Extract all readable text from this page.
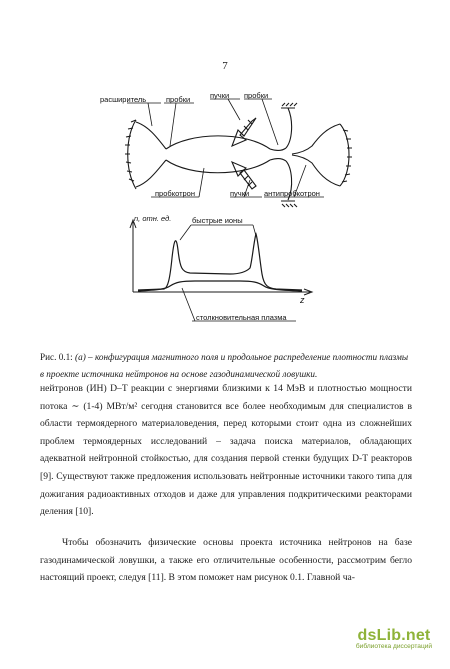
7
расширитель	пробки	пучки пробки
пробкотрон	пучки антипробкотрон
n, отн. ед.	быстрые ионы
z
столкновительная плазма
Рис. 0.1: (а) – конфигурация магнитного поля и продольное распределение плотности плазмы в проекте источника нейтронов на основе газодинамической ловушки.

нейтронов (ИН) D–T реакции с энергиями близкими к 14 МэВ и плотностью мощности потока ∼ (1-4) МВт/м² сегодня становится все более необходимым для специалистов в области термоядерного материаловедения, перед которыми стоит одна из сложнейших проблем термоядерных исследований – задача поиска материалов, обладающих адекватной нейтронной стойкостью, для создания первой стенки будущих D-T реакторов [9]. Существуют также предложения использовать нейтронные источники такого типа для дожигания радиоактивных отходов и даже для управления подкритическими реакторами деления [10].

Чтобы обозначить физические основы проекта источника нейтронов на базе газодинамической ловушки, а также его отличительные особенности, рассмотрим бегло настоящий проект, следуя [11]. В этом поможет нам рисунок 0.1. Главной ча-

dsLib.net
библиотека диссертаций
